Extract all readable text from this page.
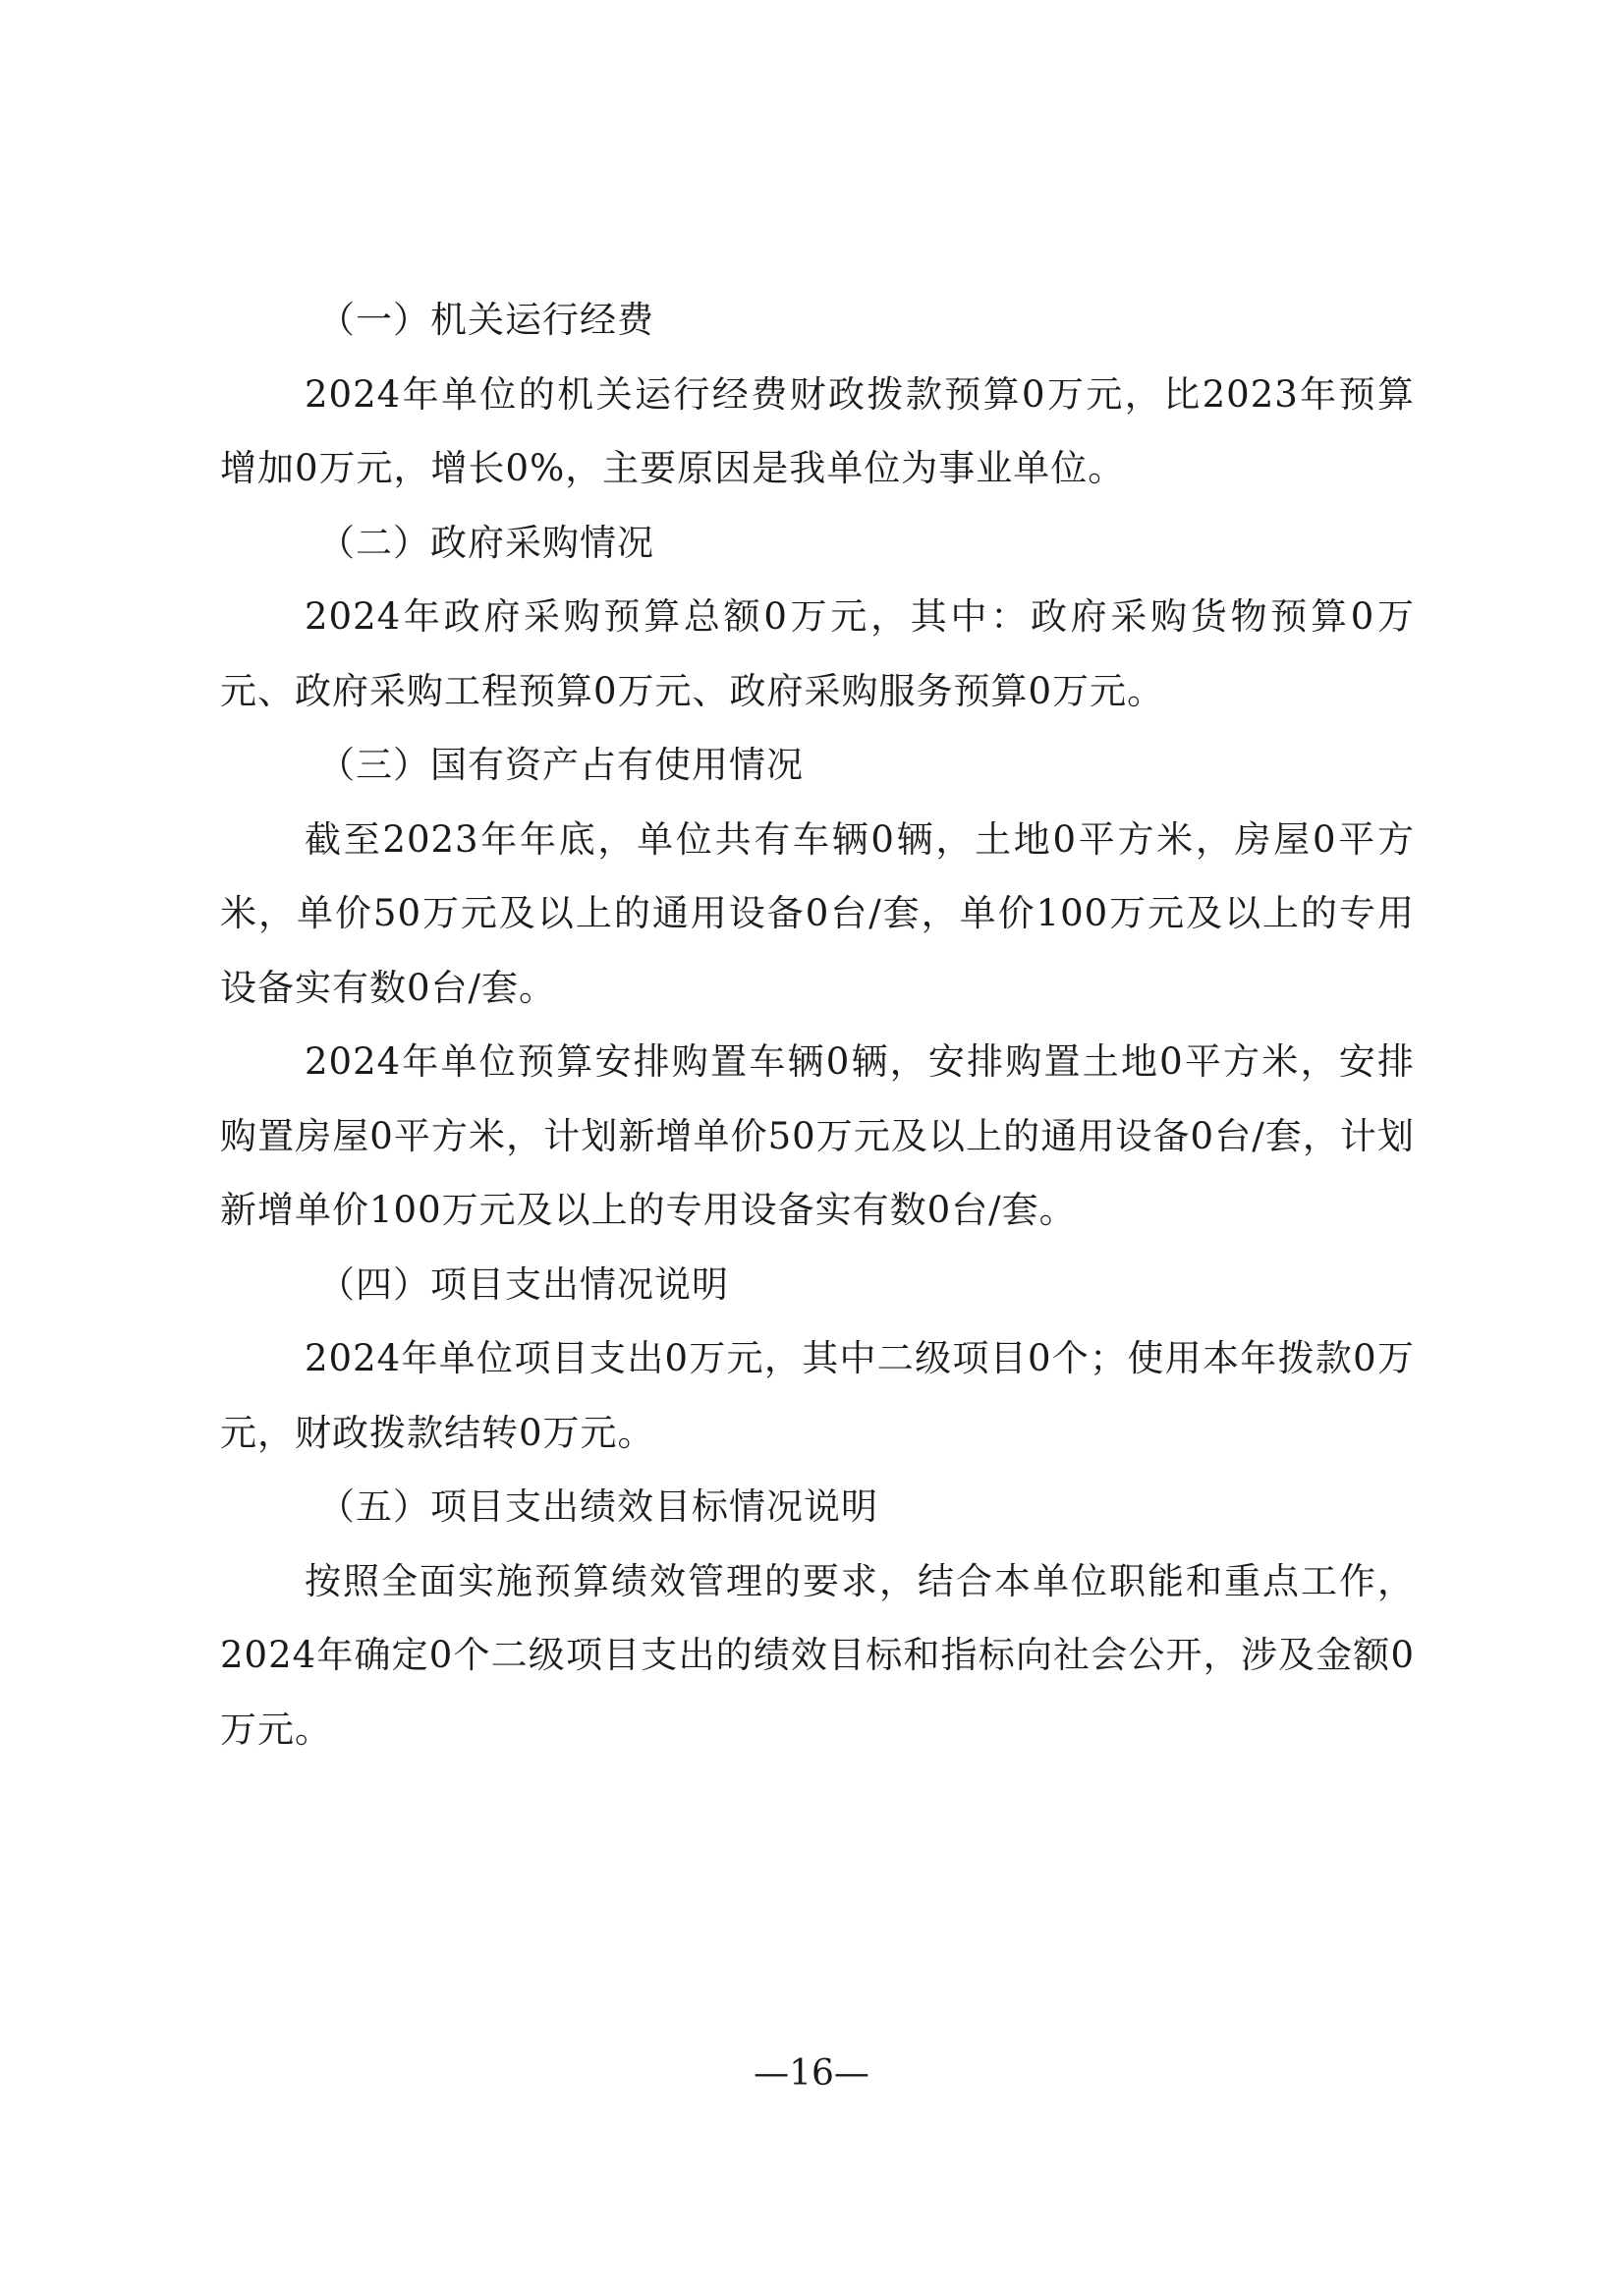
（一）机关运行经费

2024年单位的机关运行经费财政拨款预算0万元，比2023年预算增加0万元，增长0%，主要原因是我单位为事业单位。

（二）政府采购情况

2024年政府采购预算总额0万元，其中：政府采购货物预算0万元、政府采购工程预算0万元、政府采购服务预算0万元。

（三）国有资产占有使用情况

截至2023年年底，单位共有车辆0辆，土地0平方米，房屋0平方米，单价50万元及以上的通用设备0台/套，单价100万元及以上的专用设备实有数0台/套。

2024年单位预算安排购置车辆0辆，安排购置土地0平方米，安排购置房屋0平方米，计划新增单价50万元及以上的通用设备0台/套，计划新增单价100万元及以上的专用设备实有数0台/套。

（四）项目支出情况说明

2024年单位项目支出0万元，其中二级项目0个；使用本年拨款0万元，财政拨款结转0万元。

（五）项目支出绩效目标情况说明

按照全面实施预算绩效管理的要求，结合本单位职能和重点工作，2024年确定0个二级项目支出的绩效目标和指标向社会公开，涉及金额0万元。

—16—
